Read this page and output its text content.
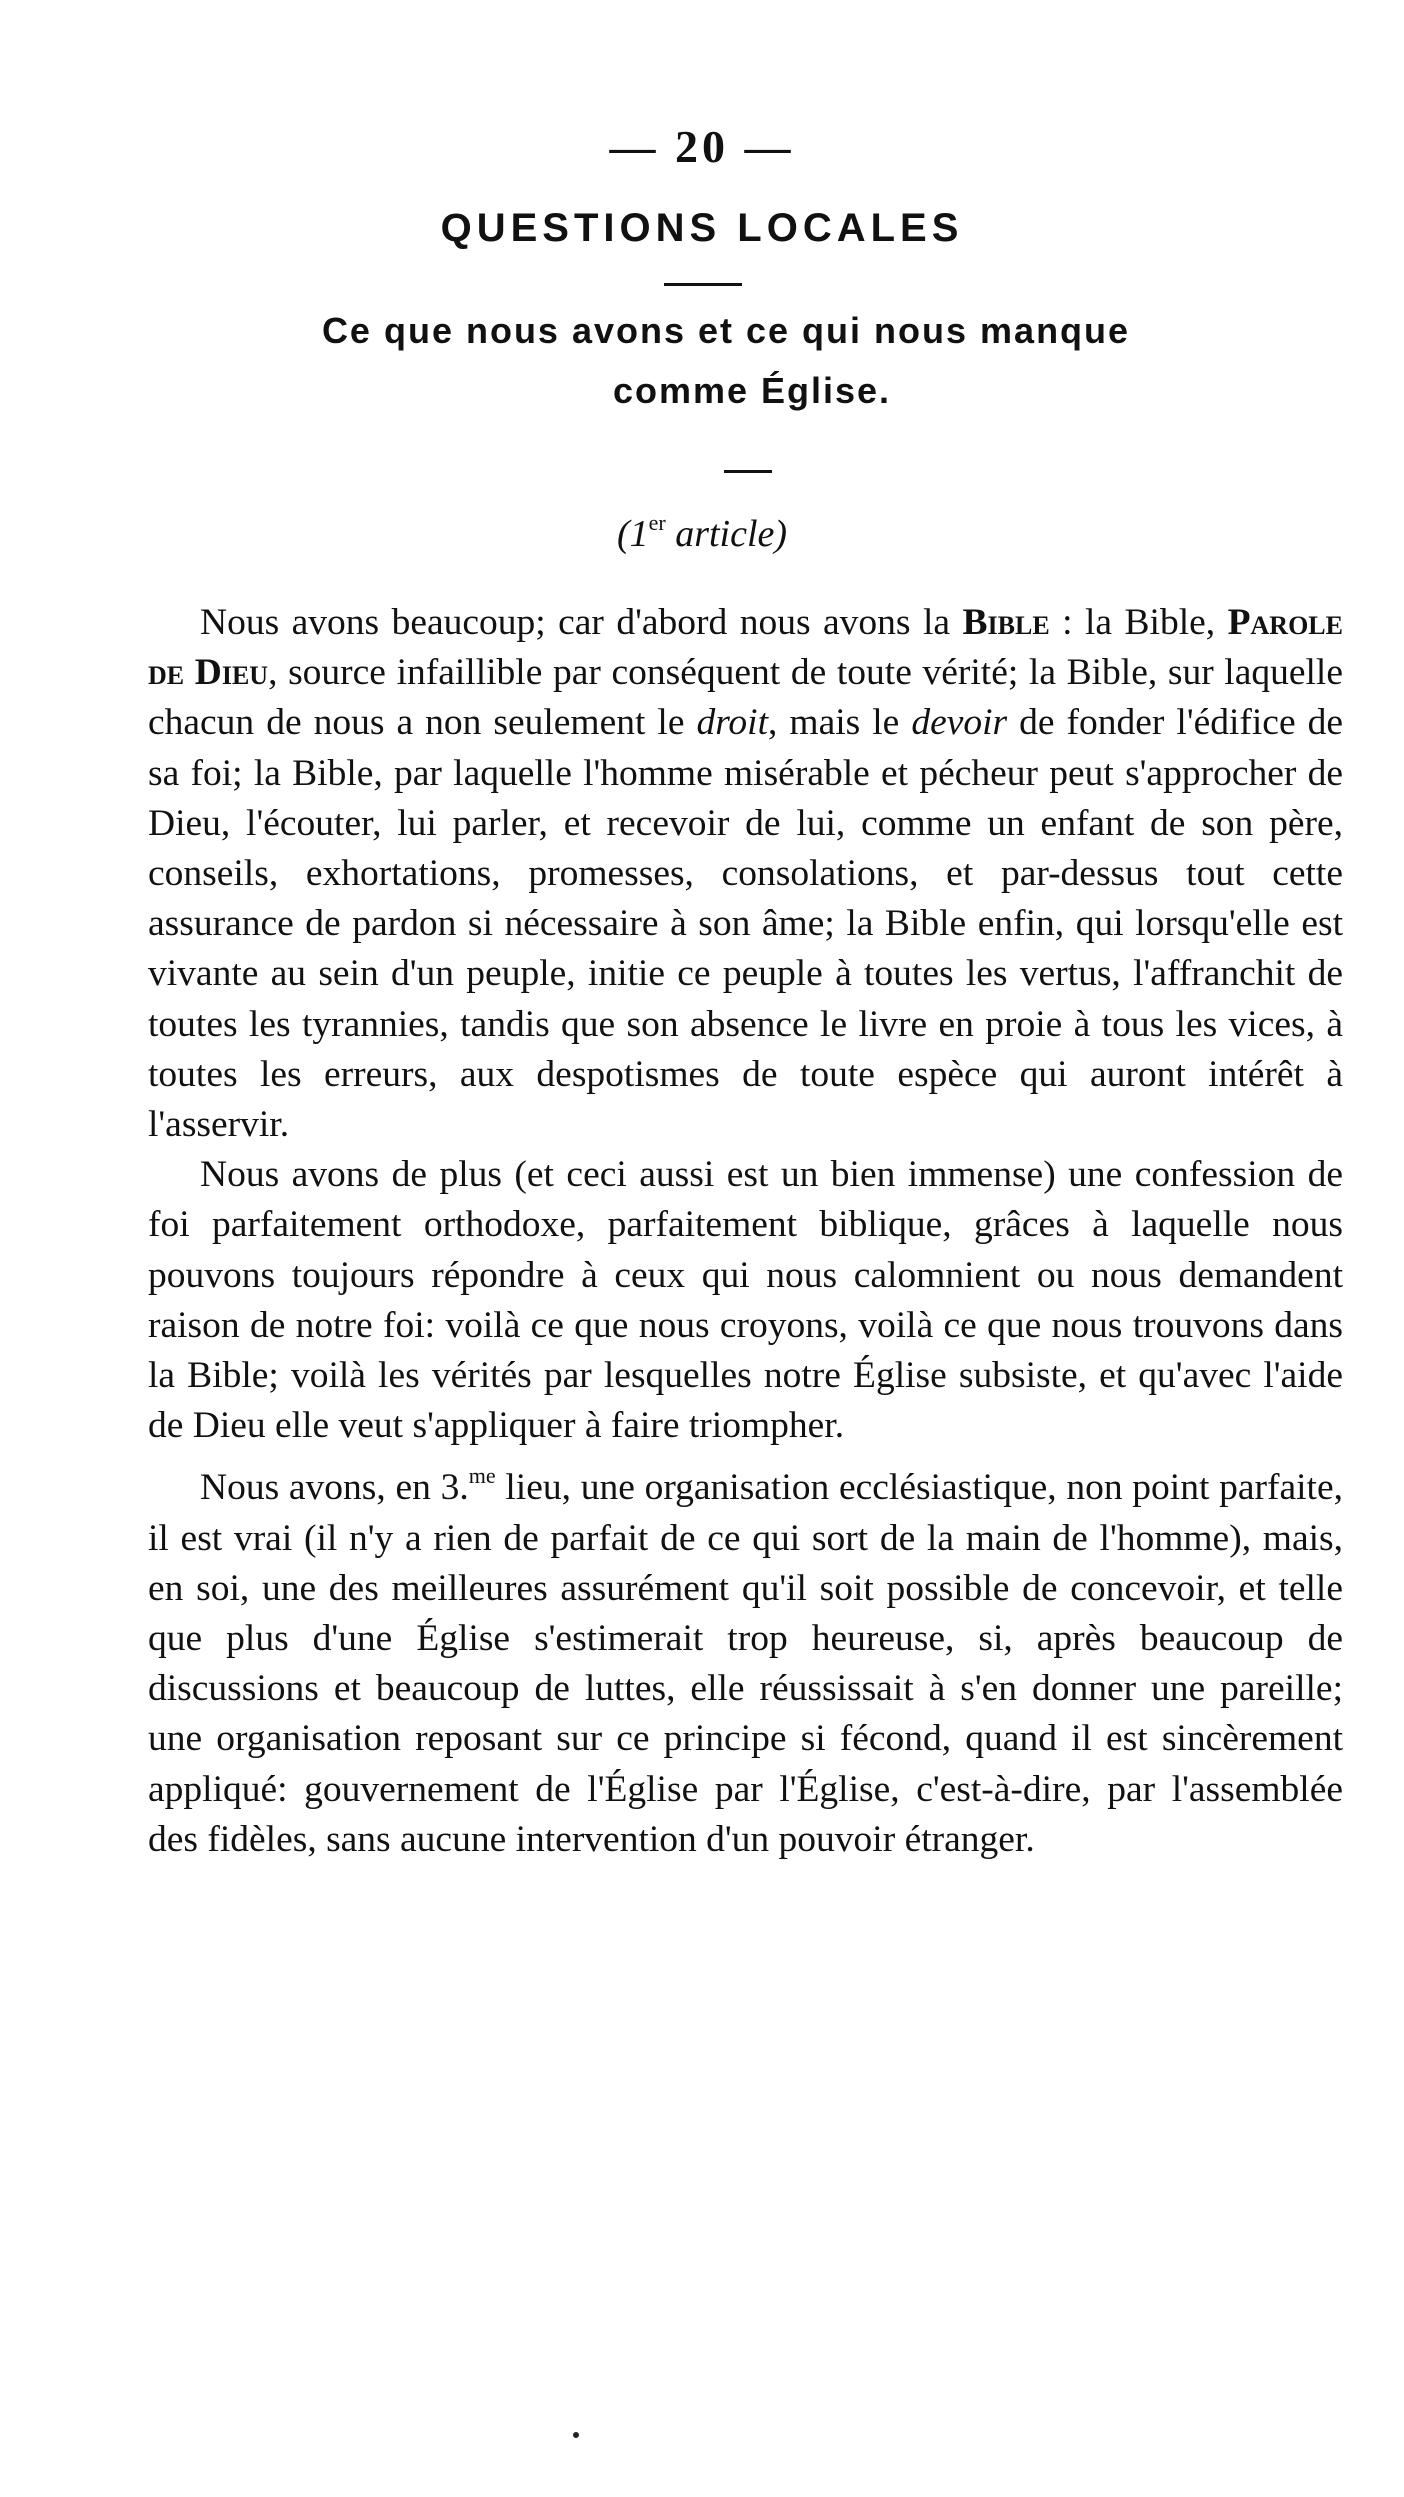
— 20 —
QUESTIONS LOCALES
Ce que nous avons et ce qui nous manque
comme Église.
(1er article)

Nous avons beaucoup; car d'abord nous avons la Bible : la Bible, Parole de Dieu, source infaillible par conséquent de toute vérité; la Bible, sur laquelle chacun de nous a non seulement le droit, mais le devoir de fonder l'édifice de sa foi; la Bible, par laquelle l'homme misérable et pécheur peut s'approcher de Dieu, l'écouter, lui parler, et recevoir de lui, comme un enfant de son père, conseils, exhortations, promesses, consolations, et par-dessus tout cette assurance de pardon si nécessaire à son âme; la Bible enfin, qui lorsqu'elle est vivante au sein d'un peuple, initie ce peuple à toutes les vertus, l'affranchit de toutes les tyrannies, tandis que son absence le livre en proie à tous les vices, à toutes les erreurs, aux despotismes de toute espèce qui auront intérêt à l'asservir.

Nous avons de plus (et ceci aussi est un bien immense) une confession de foi parfaitement orthodoxe, parfaitement biblique, grâces à laquelle nous pouvons toujours répondre à ceux qui nous calomnient ou nous demandent raison de notre foi: voilà ce que nous croyons, voilà ce que nous trouvons dans la Bible; voilà les vérités par lesquelles notre Église subsiste, et qu'avec l'aide de Dieu elle veut s'appliquer à faire triompher.

Nous avons, en 3.$^{me}$ lieu, une organisation ecclésiastique, non point parfaite, il est vrai (il n'y a rien de parfait de ce qui sort de la main de l'homme), mais, en soi, une des meilleures assurément qu'il soit possible de concevoir, et telle que plus d'une Église s'estimerait trop heureuse, si, après beaucoup de discussions et beaucoup de luttes, elle réussissait à s'en donner une pareille; une organisation reposant sur ce principe si fécond, quand il est sincèrement appliqué: gouvernement de l'Église par l'Église, c'est-à-dire, par l'assemblée des fidèles, sans aucune intervention d'un pouvoir étranger.
